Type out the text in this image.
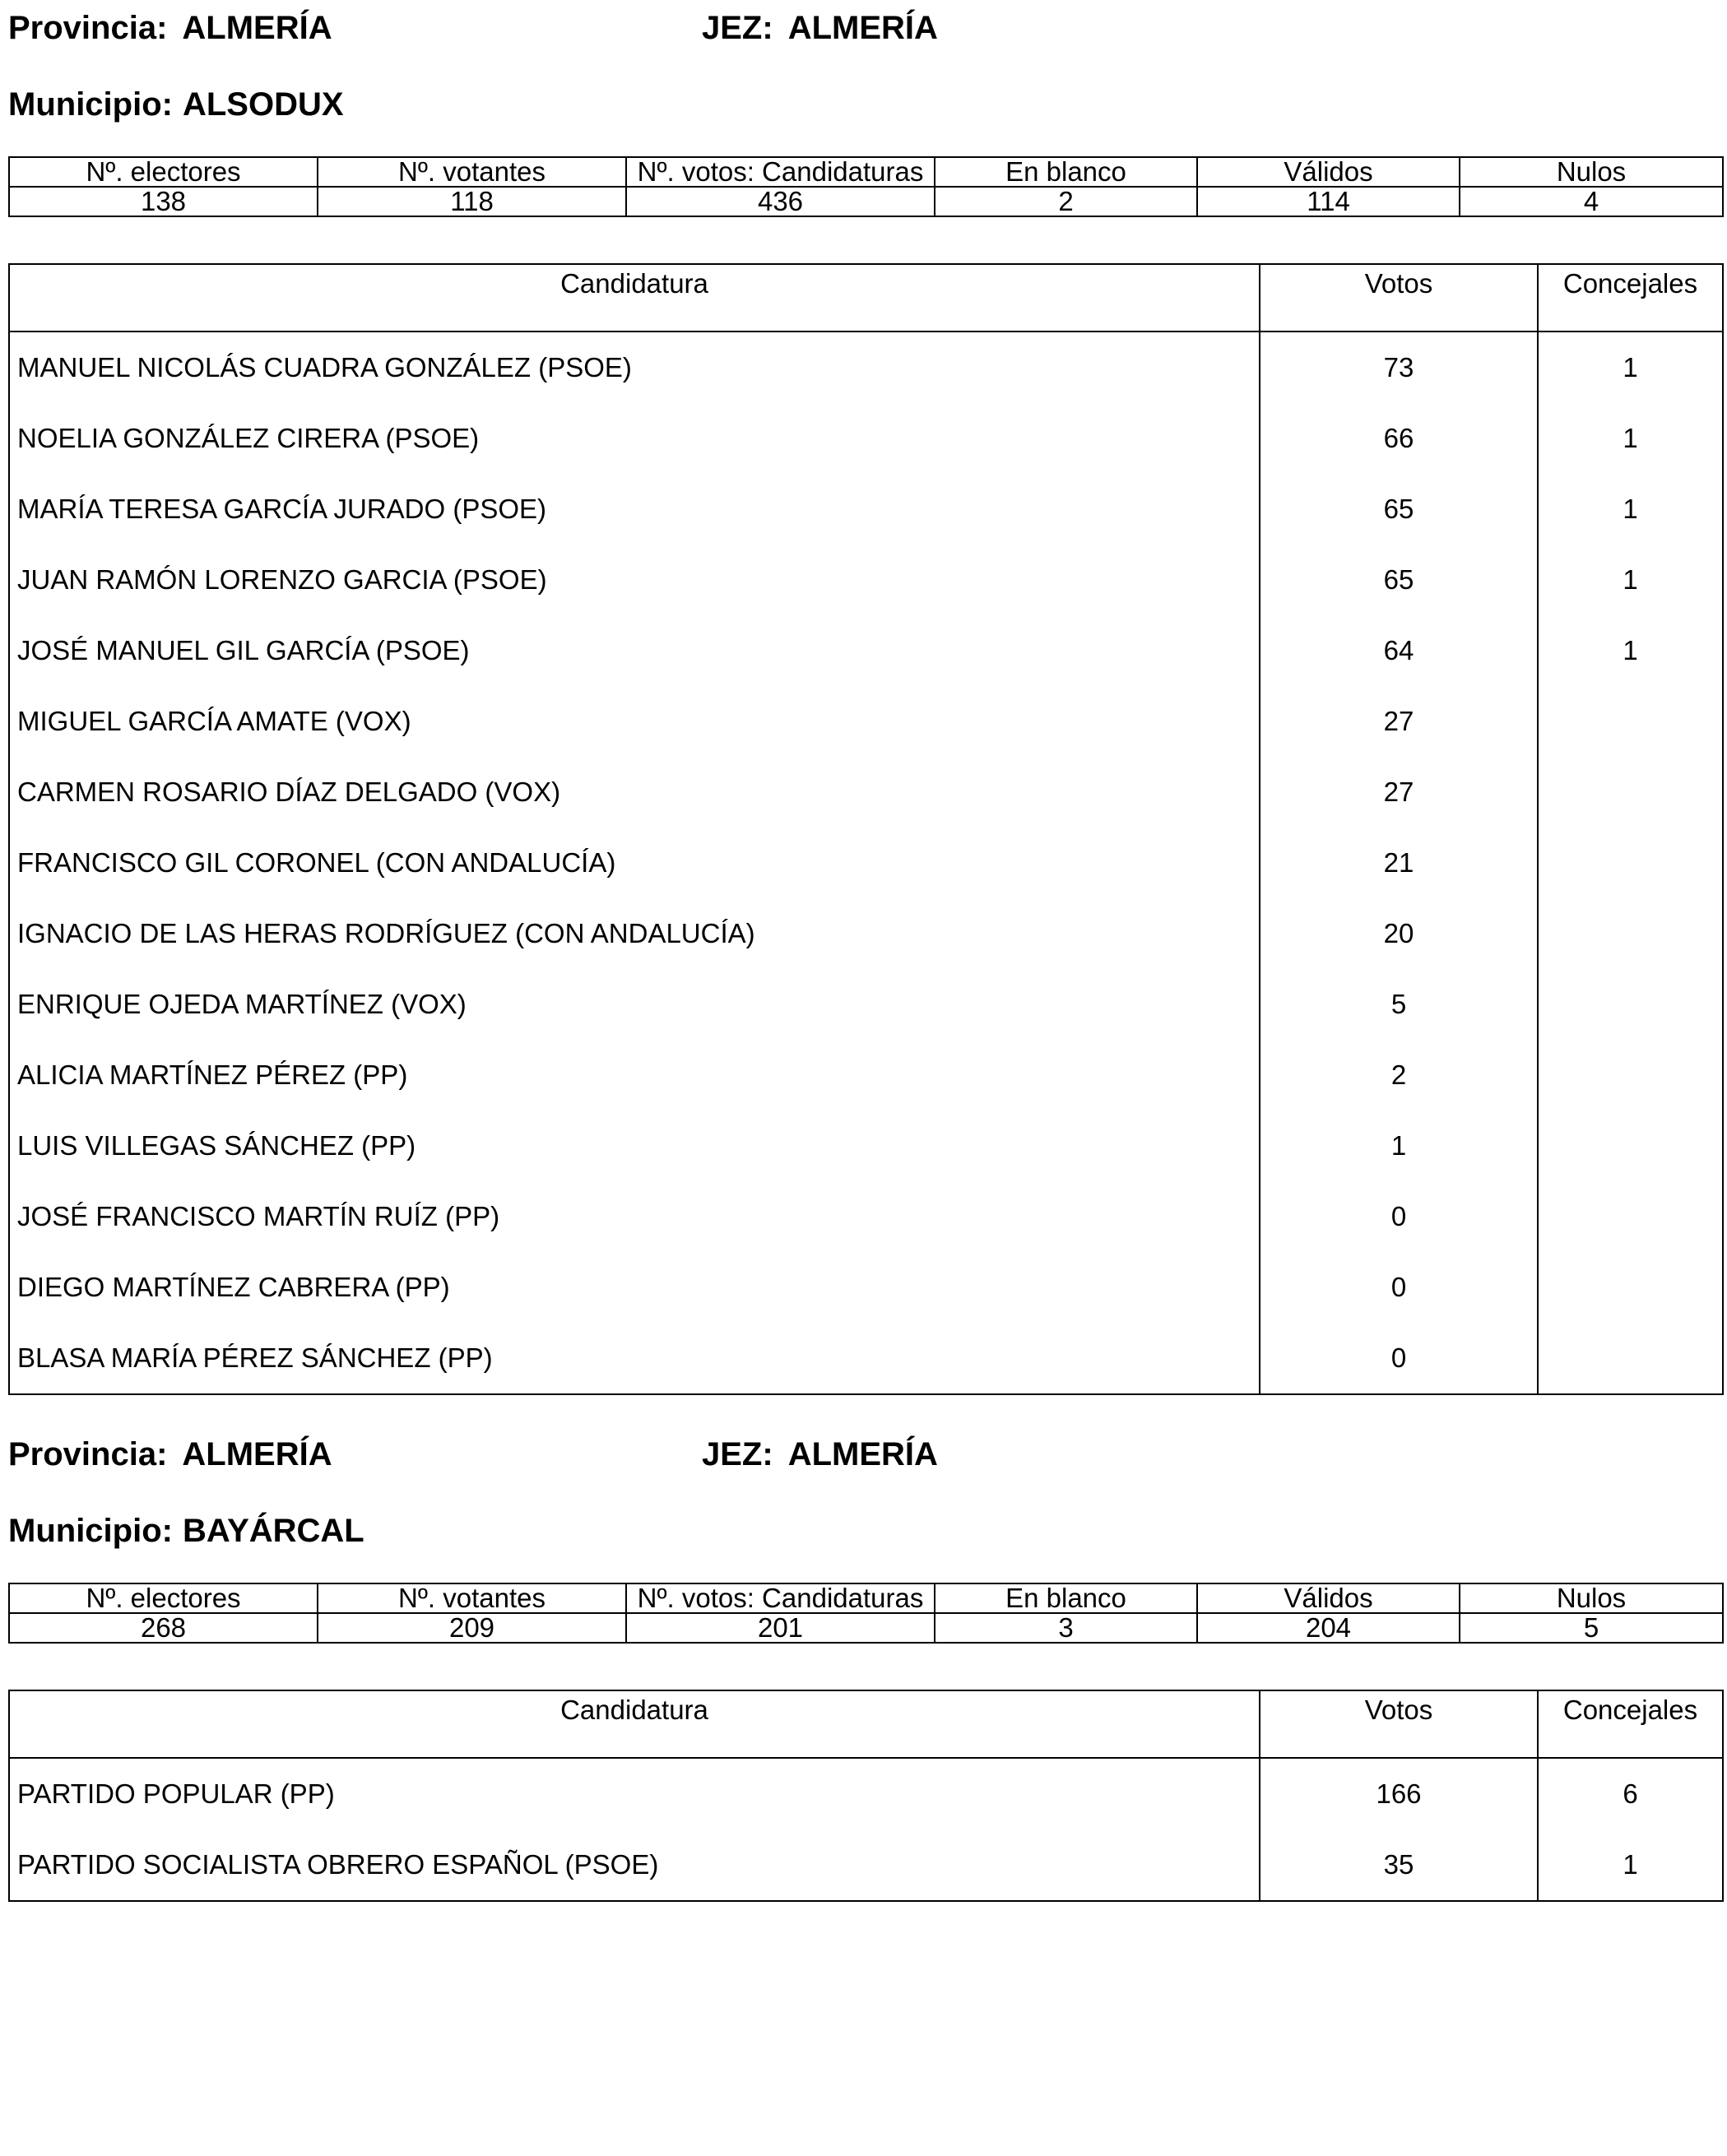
Provincia: ALMERÍA	JEZ: ALMERÍA
Municipio: ALSODUX
Nº. electores	Nº. votantes	Nº. votos: Candidaturas	En blanco	Válidos	Nulos
138	118	436	2	114	4
Candidatura	Votos	Concejales
MANUEL NICOLÁS CUADRA GONZÁLEZ (PSOE)	73	1
NOELIA GONZÁLEZ CIRERA (PSOE)	66	1
MARÍA TERESA GARCÍA JURADO (PSOE)	65	1
JUAN RAMÓN LORENZO GARCIA (PSOE)	65	1
JOSÉ MANUEL GIL GARCÍA (PSOE)	64	1
MIGUEL GARCÍA AMATE (VOX)	27	
CARMEN ROSARIO DÍAZ DELGADO (VOX)	27	
FRANCISCO GIL CORONEL (CON ANDALUCÍA)	21	
IGNACIO DE LAS HERAS RODRÍGUEZ (CON ANDALUCÍA)	20	
ENRIQUE OJEDA MARTÍNEZ (VOX)	5	
ALICIA MARTÍNEZ PÉREZ (PP)	2	
LUIS VILLEGAS SÁNCHEZ (PP)	1	
JOSÉ FRANCISCO MARTÍN RUÍZ (PP)	0	
DIEGO MARTÍNEZ CABRERA (PP)	0	
BLASA MARÍA PÉREZ SÁNCHEZ (PP)	0	
Provincia: ALMERÍA	JEZ: ALMERÍA
Municipio: BAYÁRCAL
Nº. electores	Nº. votantes	Nº. votos: Candidaturas	En blanco	Válidos	Nulos
268	209	201	3	204	5
Candidatura	Votos	Concejales
PARTIDO POPULAR (PP)	166	6
PARTIDO SOCIALISTA OBRERO ESPAÑOL (PSOE)	35	1
